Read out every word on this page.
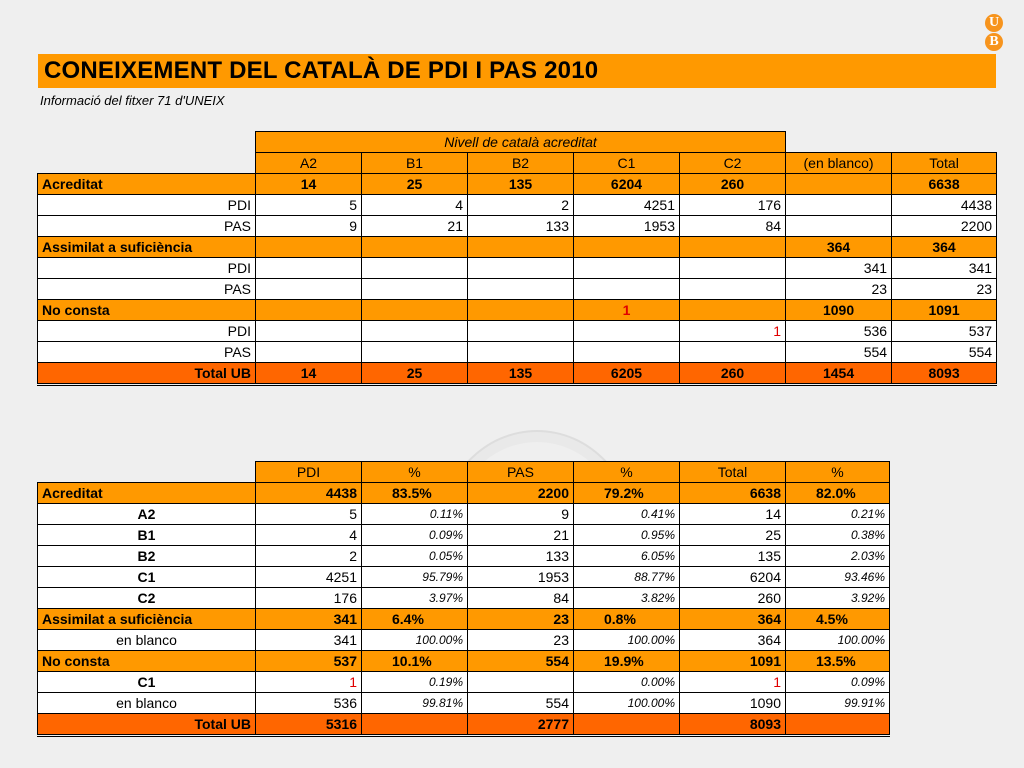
U
B
CONEIXEMENT DEL CATALÀ DE PDI I PAS 2010
Informació del fitxer 71 d'UNEIX
	Nivell de català acreditat						
	A2	B1	B2	C1	C2	(en blanco)	Total
Acreditat	14	25	135	6204	260		6638
PDI	5	4	2	4251	176		4438
PAS	9	21	133	1953	84		2200
Assimilat a suficiència						364	364
PDI						341	341
PAS						23	23
No consta				1		1090	1091
PDI					1	536	537
PAS						554	554
Total UB	14	25	135	6205	260	1454	8093
	PDI	%	PAS	%	Total	%
Acreditat	4438	83.5%	2200	79.2%	6638	82.0%
A2	5	0.11%	9	0.41%	14	0.21%
B1	4	0.09%	21	0.95%	25	0.38%
B2	2	0.05%	133	6.05%	135	2.03%
C1	4251	95.79%	1953	88.77%	6204	93.46%
C2	176	3.97%	84	3.82%	260	3.92%
Assimilat a suficiència	341	6.4%	23	0.8%	364	4.5%
en blanco	341	100.00%	23	100.00%	364	100.00%
No consta	537	10.1%	554	19.9%	1091	13.5%
C1	1	0.19%		0.00%	1	0.09%
en blanco	536	99.81%	554	100.00%	1090	99.91%
Total UB	5316		2777		8093	
